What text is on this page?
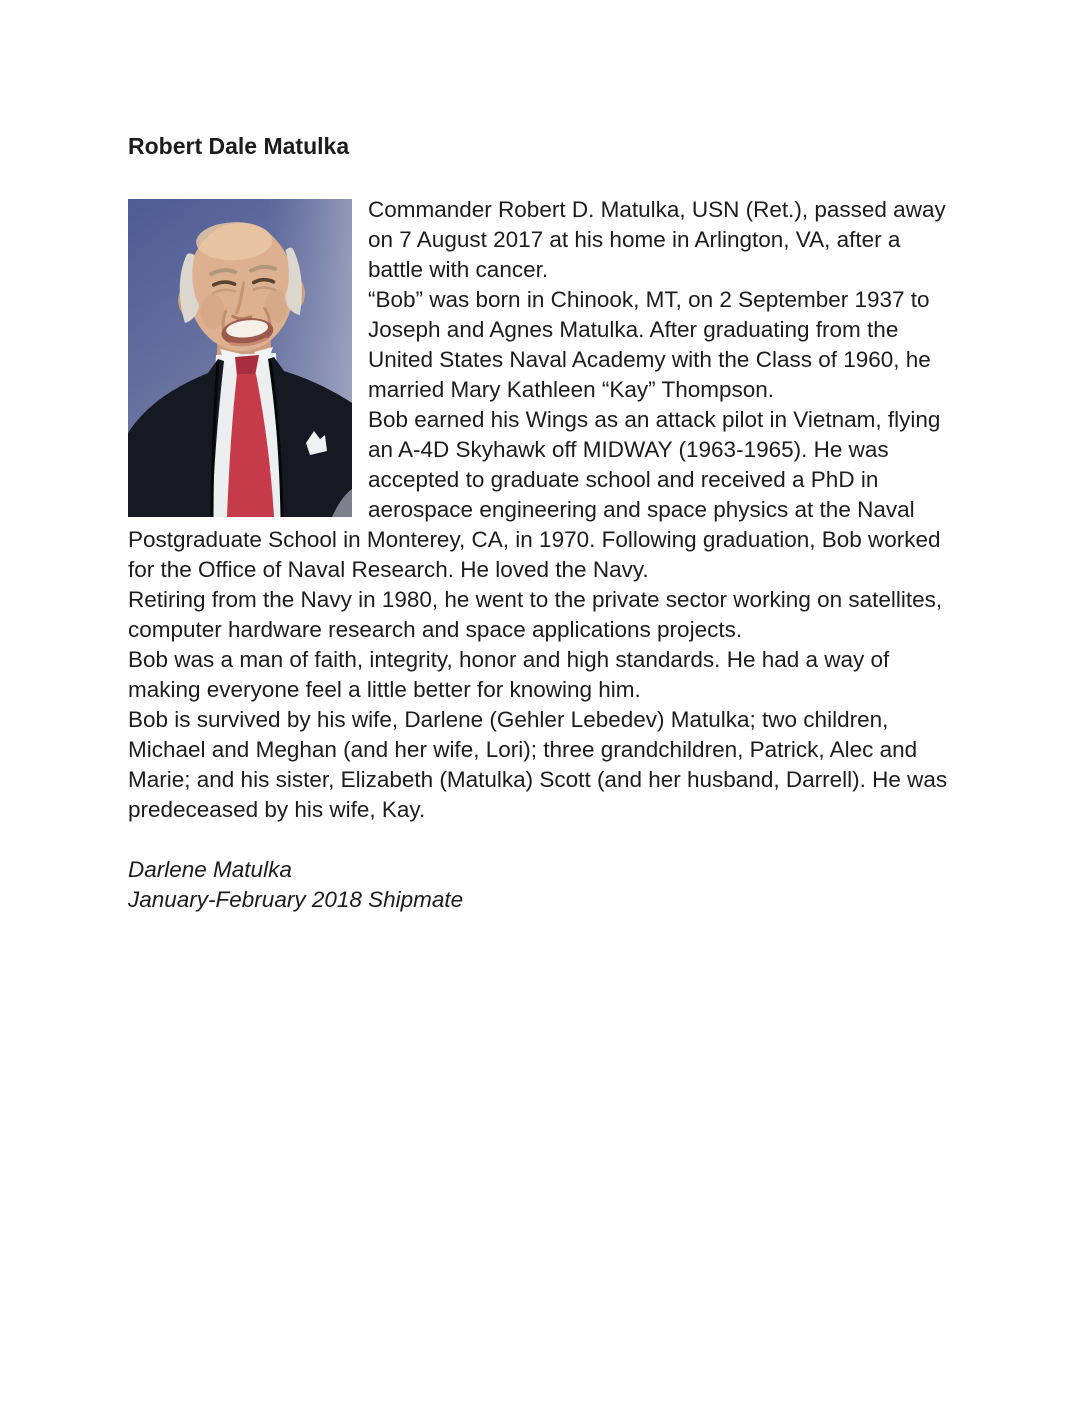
Robert Dale Matulka

Commander Robert D. Matulka, USN (Ret.), passed away on 7 August 2017 at his home in Arlington, VA, after a battle with cancer.

“Bob” was born in Chinook, MT, on 2 September 1937 to Joseph and Agnes Matulka. After graduating from the United States Naval Academy with the Class of 1960, he married Mary Kathleen “Kay” Thompson.

Bob earned his Wings as an attack pilot in Vietnam, flying an A-4D Skyhawk off MIDWAY (1963-1965). He was accepted to graduate school and received a PhD in aerospace engineering and space physics at the Naval Postgraduate School in Monterey, CA, in 1970. Following graduation, Bob worked for the Office of Naval Research. He loved the Navy.

Retiring from the Navy in 1980, he went to the private sector working on satellites, computer hardware research and space applications projects.

Bob was a man of faith, integrity, honor and high standards. He had a way of making everyone feel a little better for knowing him.

Bob is survived by his wife, Darlene (Gehler Lebedev) Matulka; two children, Michael and Meghan (and her wife, Lori); three grandchildren, Patrick, Alec and Marie; and his sister, Elizabeth (Matulka) Scott (and her husband, Darrell). He was predeceased by his wife, Kay.

Darlene Matulka

January-February 2018 Shipmate
